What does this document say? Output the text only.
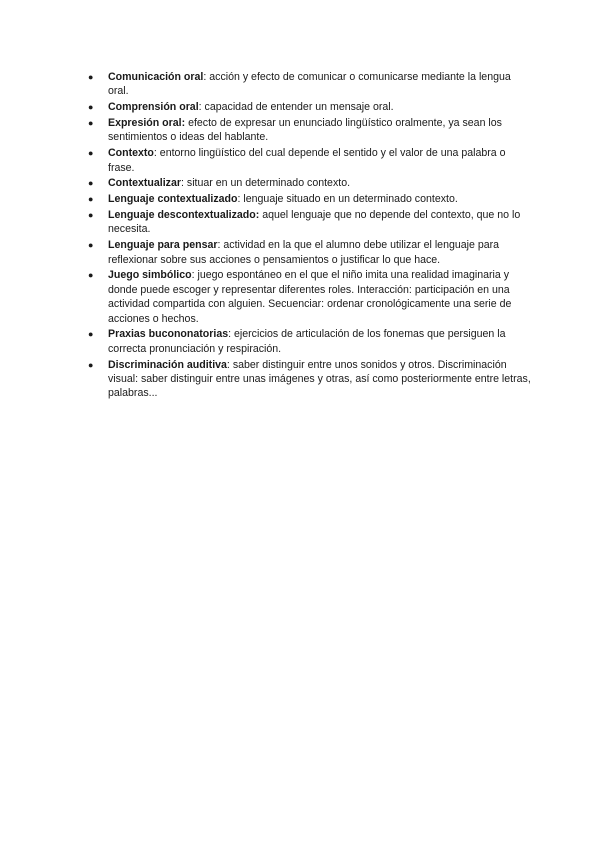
● Comunicación oral: acción y efecto de comunicar o comunicarse mediante la lengua oral.
● Comprensión oral: capacidad de entender un mensaje oral.
● Expresión oral: efecto de expresar un enunciado lingüístico oralmente, ya sean los sentimientos o ideas del hablante.
● Contexto: entorno lingüístico del cual depende el sentido y el valor de una palabra o frase.
● Contextualizar: situar en un determinado contexto.
● Lenguaje contextualizado: lenguaje situado en un determinado contexto.
● Lenguaje descontextualizado: aquel lenguaje que no depende del contexto, que no lo necesita.
● Lenguaje para pensar: actividad en la que el alumno debe utilizar el lenguaje para reflexionar sobre sus acciones o pensamientos o justificar lo que hace.
● Juego simbólico: juego espontáneo en el que el niño imita una realidad imaginaria y donde puede escoger y representar diferentes roles. Interacción: participación en una actividad compartida con alguien. Secuenciar: ordenar cronológicamente una serie de acciones o hechos.
● Praxias bucononatorias: ejercicios de articulación de los fonemas que persiguen la correcta pronunciación y respiración.
● Discriminación auditiva: saber distinguir entre unos sonidos y otros. Discriminación visual: saber distinguir entre unas imágenes y otras, así como posteriormente entre letras, palabras...
